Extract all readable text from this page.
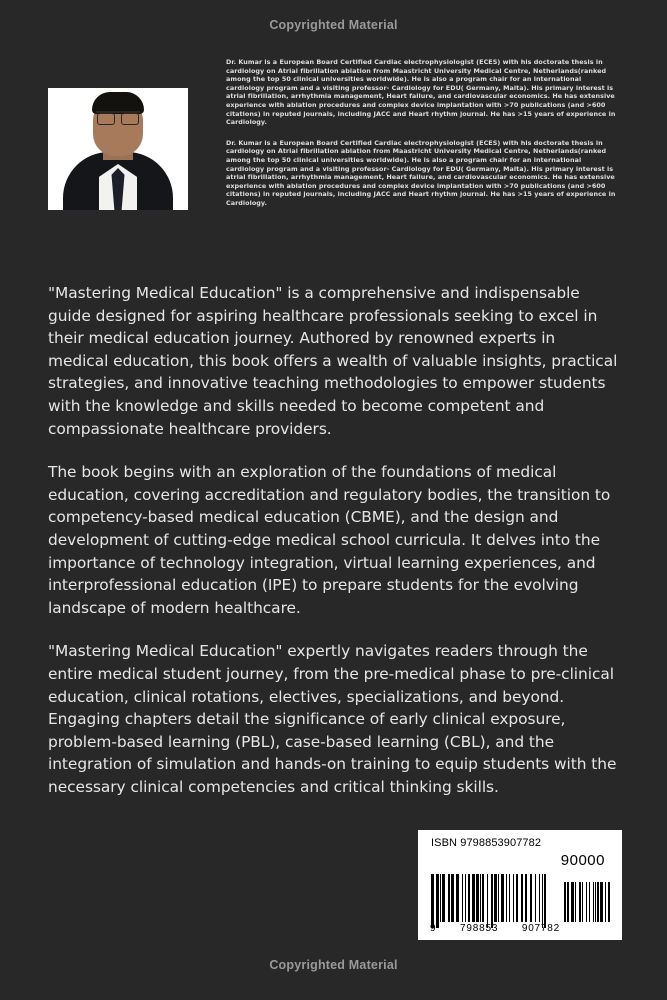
Copyrighted Material

Dr. Kumar is a European Board Certified Cardiac electrophysiologist (ECES) with his doctorate thesis in cardiology on Atrial fibrillation ablation from Maastricht University Medical Centre, Netherlands(ranked among the top 50 clinical universities worldwide). He is also a program chair for an international cardiology program and a visiting professor- Cardiology for EDU( Germany, Malta). His primary interest is atrial fibrillation, arrhythmia management, Heart failure, and cardiovascular economics. He has extensive experience with ablation procedures and complex device implantation with >70 publications (and >600 citations) in reputed journals, including JACC and Heart rhythm journal. He has >15 years of experience in Cardiology.

Dr. Kumar is a European Board Certified Cardiac electrophysiologist (ECES) with his doctorate thesis in cardiology on Atrial fibrillation ablation from Maastricht University Medical Centre, Netherlands(ranked among the top 50 clinical universities worldwide). He is also a program chair for an international cardiology program and a visiting professor- Cardiology for EDU( Germany, Malta). His primary interest is atrial fibrillation, arrhythmia management, Heart failure, and cardiovascular economics. He has extensive experience with ablation procedures and complex device implantation with >70 publications (and >600 citations) in reputed journals, including JACC and Heart rhythm journal. He has >15 years of experience in Cardiology.

"Mastering Medical Education" is a comprehensive and indispensable guide designed for aspiring healthcare professionals seeking to excel in their medical education journey. Authored by renowned experts in medical education, this book offers a wealth of valuable insights, practical strategies, and innovative teaching methodologies to empower students with the knowledge and skills needed to become competent and compassionate healthcare providers.

The book begins with an exploration of the foundations of medical education, covering accreditation and regulatory bodies, the transition to competency-based medical education (CBME), and the design and development of cutting-edge medical school curricula. It delves into the importance of technology integration, virtual learning experiences, and interprofessional education (IPE) to prepare students for the evolving landscape of modern healthcare.

"Mastering Medical Education" expertly navigates readers through the entire medical student journey, from the pre-medical phase to pre-clinical education, clinical rotations, electives, specializations, and beyond. Engaging chapters detail the significance of early clinical exposure, problem-based learning (PBL), case-based learning (CBL), and the integration of simulation and hands-on training to equip students with the necessary clinical competencies and critical thinking skills.

ISBN 9798853907782
90000
9 798853 907782
Copyrighted Material
